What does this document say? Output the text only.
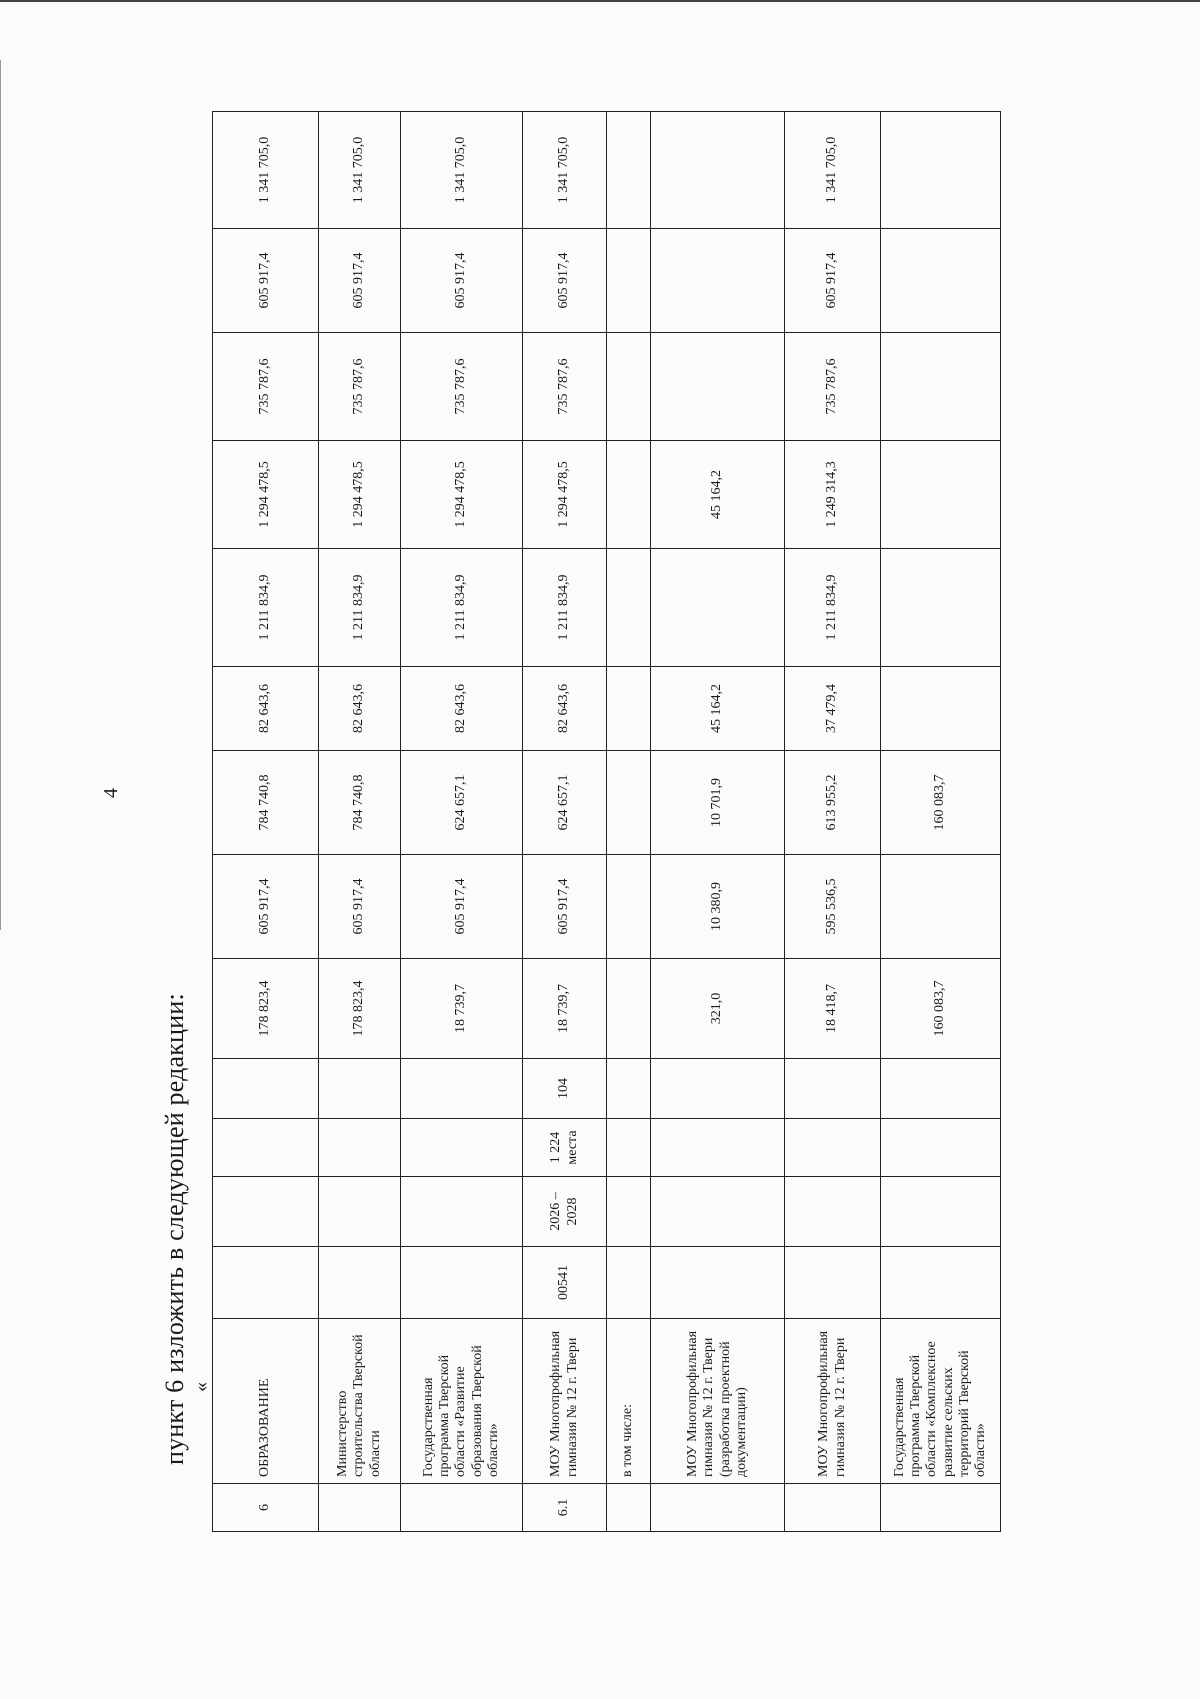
4
пункт 6 изложить в следующей редакции: «
6	ОБРАЗОВАНИЕ					178 823,4	605 917,4	784 740,8	82 643,6	1 211 834,9	1 294 478,5	735 787,6	605 917,4	1 341 705,0
	Министерство строительства Тверской области					178 823,4	605 917,4	784 740,8	82 643,6	1 211 834,9	1 294 478,5	735 787,6	605 917,4	1 341 705,0
	Государственная программа Тверской области «Развитие образования Тверской области»					18 739,7	605 917,4	624 657,1	82 643,6	1 211 834,9	1 294 478,5	735 787,6	605 917,4	1 341 705,0
6.1	МОУ Многопрофильная гимназия № 12 г. Твери	00541	2026 – 2028	1 224 места	104	18 739,7	605 917,4	624 657,1	82 643,6	1 211 834,9	1 294 478,5	735 787,6	605 917,4	1 341 705,0
	в том числе:													
	МОУ Многопрофильная гимназия № 12 г. Твери (разработка проектной документации)					321,0	10 380,9	10 701,9	45 164,2		45 164,2			
	МОУ Многопрофильная гимназия № 12 г. Твери					18 418,7	595 536,5	613 955,2	37 479,4	1 211 834,9	1 249 314,3	735 787,6	605 917,4	1 341 705,0
	Государственная программа Тверской области «Комплексное развитие сельских территорий Тверской области»					160 083,7		160 083,7						
